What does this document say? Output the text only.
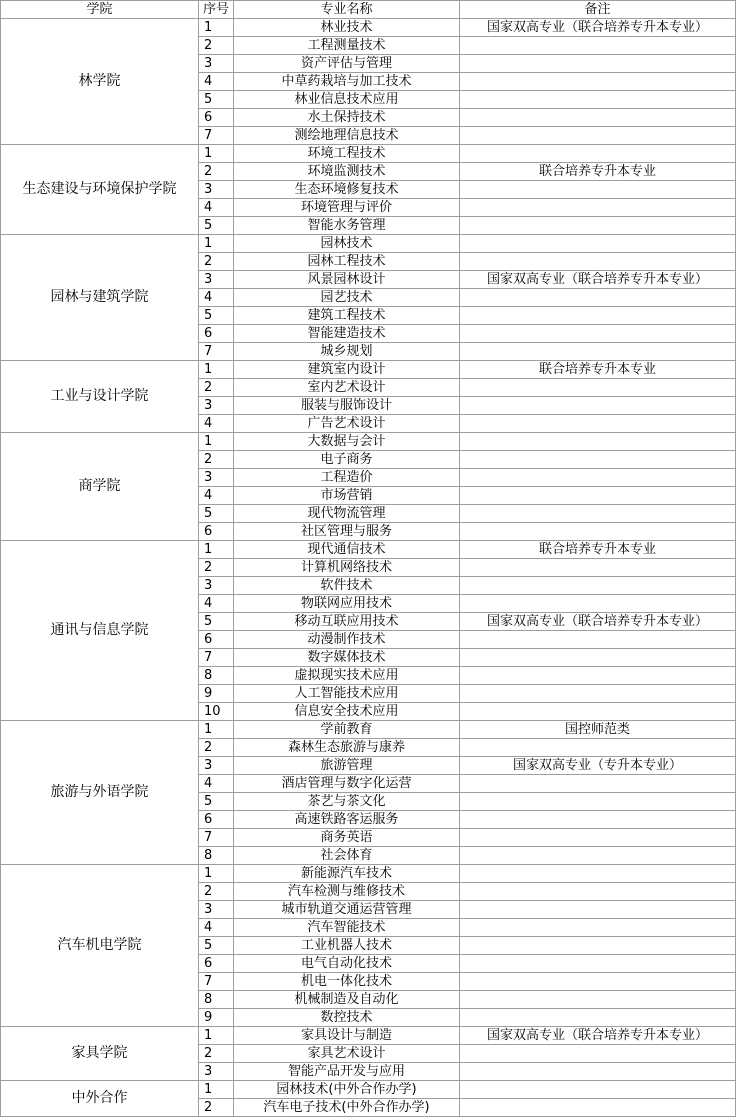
学院	序号	专业名称	备注
林学院	1	林业技术	国家双高专业（联合培养专升本专业）
	2	工程测量技术	
	3	资产评估与管理	
	4	中草药栽培与加工技术	
	5	林业信息技术应用	
	6	水土保持技术	
	7	测绘地理信息技术	
生态建设与环境保护学院	1	环境工程技术	
	2	环境监测技术	联合培养专升本专业
	3	生态环境修复技术	
	4	环境管理与评价	
	5	智能水务管理	
园林与建筑学院	1	园林技术	
	2	园林工程技术	
	3	风景园林设计	国家双高专业（联合培养专升本专业）
	4	园艺技术	
	5	建筑工程技术	
	6	智能建造技术	
	7	城乡规划	
工业与设计学院	1	建筑室内设计	联合培养专升本专业
	2	室内艺术设计	
	3	服装与服饰设计	
	4	广告艺术设计	
商学院	1	大数据与会计	
	2	电子商务	
	3	工程造价	
	4	市场营销	
	5	现代物流管理	
	6	社区管理与服务	
通讯与信息学院	1	现代通信技术	联合培养专升本专业
	2	计算机网络技术	
	3	软件技术	
	4	物联网应用技术	
	5	移动互联应用技术	国家双高专业（联合培养专升本专业）
	6	动漫制作技术	
	7	数字媒体技术	
	8	虚拟现实技术应用	
	9	人工智能技术应用	
	10	信息安全技术应用	
旅游与外语学院	1	学前教育	国控师范类
	2	森林生态旅游与康养	
	3	旅游管理	国家双高专业（专升本专业）
	4	酒店管理与数字化运营	
	5	茶艺与茶文化	
	6	高速铁路客运服务	
	7	商务英语	
	8	社会体育	
汽车机电学院	1	新能源汽车技术	
	2	汽车检测与维修技术	
	3	城市轨道交通运营管理	
	4	汽车智能技术	
	5	工业机器人技术	
	6	电气自动化技术	
	7	机电一体化技术	
	8	机械制造及自动化	
	9	数控技术	
家具学院	1	家具设计与制造	国家双高专业（联合培养专升本专业）
	2	家具艺术设计	
	3	智能产品开发与应用	
中外合作	1	园林技术(中外合作办学)	
	2	汽车电子技术(中外合作办学)	
